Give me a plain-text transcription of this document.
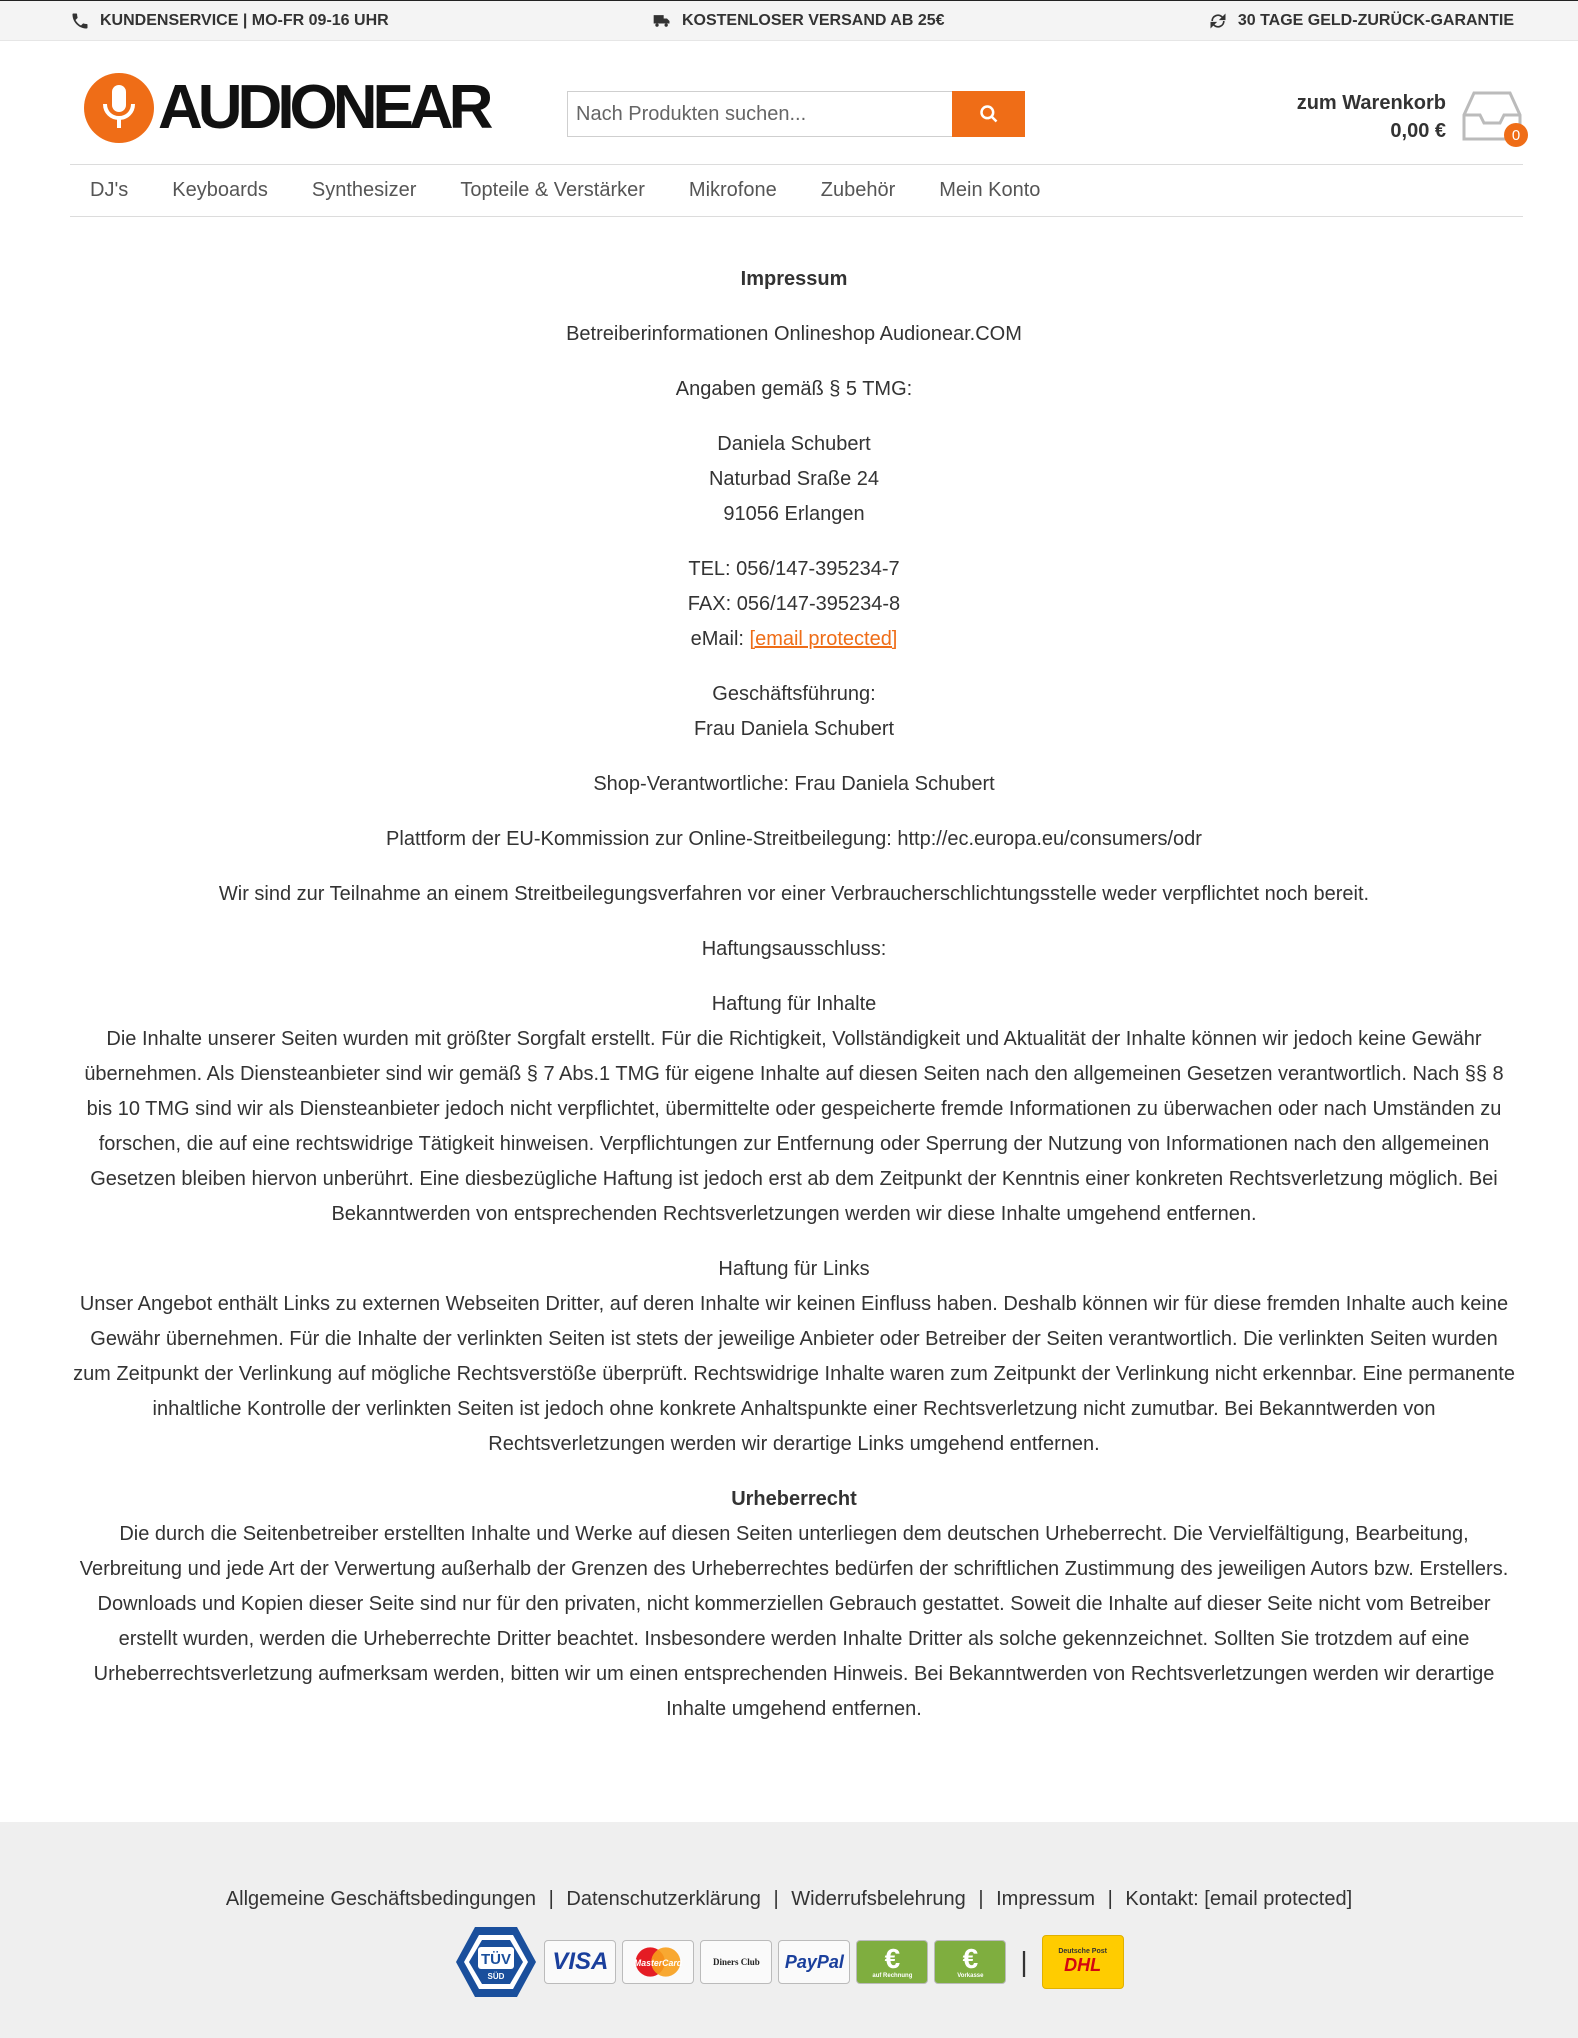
KUNDENSERVICE | MO-FR 09-16 UHR	KOSTENLOSER VERSAND AB 25€	30 TAGE GELD-ZURÜCK-GARANTIE
AUDIONEAR
Nach Produkten suchen...	zum Warenkorb
0,00 €	0
DJ's Keyboards Synthesizer Topteile & Verstärker Mikrofone Zubehör Mein Konto

Impressum

Betreiberinformationen Onlineshop Audionear.COM

Angaben gemäß § 5 TMG:

Daniela Schubert
Naturbad Sraße 24
91056 Erlangen

TEL: 056/147-395234-7
FAX: 056/147-395234-8
eMail: [email protected]

Geschäftsführung:
Frau Daniela Schubert

Shop-Verantwortliche: Frau Daniela Schubert

Plattform der EU-Kommission zur Online-Streitbeilegung: http://ec.europa.eu/consumers/odr

Wir sind zur Teilnahme an einem Streitbeilegungsverfahren vor einer Verbraucherschlichtungsstelle weder verpflichtet noch bereit.

Haftungsausschluss:

Haftung für Inhalte
Die Inhalte unserer Seiten wurden mit größter Sorgfalt erstellt. Für die Richtigkeit, Vollständigkeit und Aktualität der Inhalte können wir jedoch keine Gewähr übernehmen. Als Diensteanbieter sind wir gemäß § 7 Abs.1 TMG für eigene Inhalte auf diesen Seiten nach den allgemeinen Gesetzen verantwortlich. Nach §§ 8 bis 10 TMG sind wir als Diensteanbieter jedoch nicht verpflichtet, übermittelte oder gespeicherte fremde Informationen zu überwachen oder nach Umständen zu forschen, die auf eine rechtswidrige Tätigkeit hinweisen. Verpflichtungen zur Entfernung oder Sperrung der Nutzung von Informationen nach den allgemeinen Gesetzen bleiben hiervon unberührt. Eine diesbezügliche Haftung ist jedoch erst ab dem Zeitpunkt der Kenntnis einer konkreten Rechtsverletzung möglich. Bei Bekanntwerden von entsprechenden Rechtsverletzungen werden wir diese Inhalte umgehend entfernen.

Haftung für Links
Unser Angebot enthält Links zu externen Webseiten Dritter, auf deren Inhalte wir keinen Einfluss haben. Deshalb können wir für diese fremden Inhalte auch keine Gewähr übernehmen. Für die Inhalte der verlinkten Seiten ist stets der jeweilige Anbieter oder Betreiber der Seiten verantwortlich. Die verlinkten Seiten wurden zum Zeitpunkt der Verlinkung auf mögliche Rechtsverstöße überprüft. Rechtswidrige Inhalte waren zum Zeitpunkt der Verlinkung nicht erkennbar. Eine permanente inhaltliche Kontrolle der verlinkten Seiten ist jedoch ohne konkrete Anhaltspunkte einer Rechtsverletzung nicht zumutbar. Bei Bekanntwerden von Rechtsverletzungen werden wir derartige Links umgehend entfernen.

Urheberrecht
Die durch die Seitenbetreiber erstellten Inhalte und Werke auf diesen Seiten unterliegen dem deutschen Urheberrecht. Die Vervielfältigung, Bearbeitung, Verbreitung und jede Art der Verwertung außerhalb der Grenzen des Urheberrechtes bedürfen der schriftlichen Zustimmung des jeweiligen Autors bzw. Erstellers. Downloads und Kopien dieser Seite sind nur für den privaten, nicht kommerziellen Gebrauch gestattet. Soweit die Inhalte auf dieser Seite nicht vom Betreiber erstellt wurden, werden die Urheberrechte Dritter beachtet. Insbesondere werden Inhalte Dritter als solche gekennzeichnet. Sollten Sie trotzdem auf eine Urheberrechtsverletzung aufmerksam werden, bitten wir um einen entsprechenden Hinweis. Bei Bekanntwerden von Rechtsverletzungen werden wir derartige Inhalte umgehend entfernen.

Allgemeine Geschäftsbedingungen | Datenschutzerklärung | Widerrufsbelehrung | Impressum | Kontakt: [email protected]
TÜV
SÜD
VISA	MasterCard	Diners Club PayPal €
auf Rechnung
€
Vorkasse |	Deutsche Post
DHL
